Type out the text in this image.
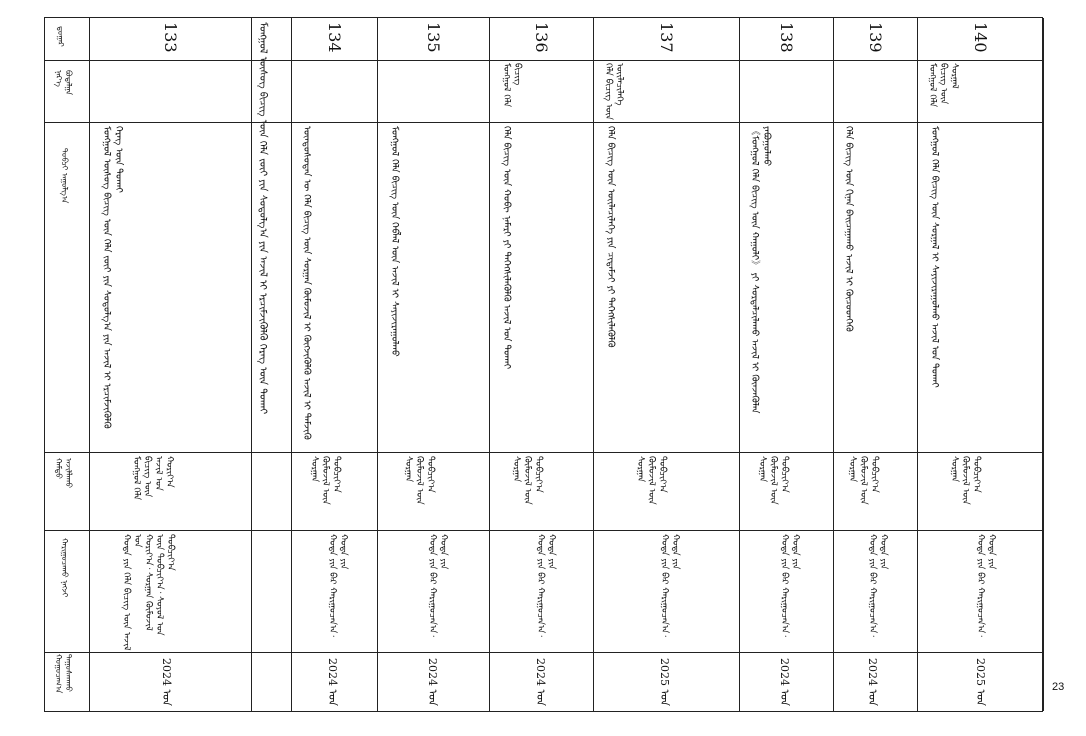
ᠳ᠋ᠤᠭᠠᠷ
ᠨᠡᠷ᠎ᠡ
ᠪᠣᠲᠠᠯᠭᠠ
ᠲᠣᠪᠴᠢ ᠠᠭᠤᠯᠭ᠎ᠠ
ᠬᠠᠮᠲᠤ
ᠠᠵᠢᠯᠯᠠᠬᠤ
ᠬᠠᠷᠢᠭᠤᠴᠠᠬᠤ ᠨᠡᠭᠵᠢ
ᠬᠤᠭᠤᠴᠠᠭ᠎ᠠ
ᠳᠠᠭᠤᠰᠬᠠᠬᠤ
133
ᠮᠣᠩᠭᠣᠯ ᠦᠰᠦᠭ ᠪᠢᠴᠢᠭ ᠦᠨ ᠬᠡᠯᠡ ᠵᠦᠢ ᠶᠢᠨ ᠰᠤᠳᠤᠯᠭ᠎ᠠ ᠶᠢᠨ ᠠᠵᠢᠯ ᠢ ᠡᠷᠴᠢᠮᠵᠢᠭᠦᠯᠬᠦ ᠬᠡᠷᠡᠭ ᠦᠨ ᠲᠤᠬᠠᠢ
ᠮᠣᠩᠭᠣᠯ ᠬᠡᠯᠡ
ᠪᠢᠴᠢᠭ ᠦᠨ
ᠠᠵᠢᠯ ᠤᠨ
ᠬᠣᠷᠢᠶ᠎ᠠ
ᠬᠣᠲᠠ ᠶᠢᠨ ᠬᠡᠯᠡ ᠪᠢᠴᠢᠭ ᠦᠨ ᠠᠵᠢᠯ ᠤᠨ
ᠬᠣᠷᠢᠶ᠎ᠠ᠂ ᠰᠤᠷᠭᠠᠨ ᠬᠦᠮᠦᠵᠢᠯ
ᠦᠨ ᠲᠣᠪᠴᠢᠶ᠎ᠠ᠂ ᠰᠤᠶᠤᠯ ᠤᠨ
ᠲᠣᠪᠴᠢᠶ᠎ᠠ
2024 ᠣᠨ
ᠮᠣᠩᠭᠣᠯ ᠦᠰᠦᠭ ᠪᠢᠴᠢᠭ ᠦᠨ ᠬᠡᠯᠡ ᠵᠦᠢ ᠶᠢᠨ ᠰᠤᠳᠤᠯᠭ᠎ᠠ ᠶᠢᠨ ᠠᠵᠢᠯ ᠢ ᠡᠷᠴᠢᠮᠵᠢᠭᠦᠯᠬᠦ ᠬᠡᠷᠡᠭ ᠦᠨ ᠲᠤᠬᠠᠢ	134
ᠦᠨᠳᠦᠰᠦᠲᠡᠨ ᠦ ᠬᠡᠯᠡ ᠪᠢᠴᠢᠭ ᠦᠨ ᠰᠤᠷᠭᠠᠨ ᠬᠦᠮᠦᠵᠢᠯ ᠢ ᠬᠦᠭᠵᠢᠭᠦᠯᠬᠦ ᠠᠵᠢᠯ ᠢ ᠳᠡᠮᠵᠢᠬᠦ
ᠰᠤᠷᠭᠠᠨ
ᠬᠦᠮᠦᠵᠢᠯ ᠦᠨ
ᠲᠣᠪᠴᠢᠶ᠎ᠠ
ᠬᠣᠲᠠ ᠶᠢᠨ ᠪᠠᠷ ᠬᠠᠷᠢᠭᠤᠴᠠᠨ᠎ᠠ᠂ ᠬᠤᠲᠠ ᠶᠢᠨ
2024 ᠣᠨ
135
ᠮᠣᠩᠭᠣᠯ ᠬᠡᠯᠡ ᠪᠢᠴᠢᠭ ᠦᠨ ᠬᠡᠪᠯᠡᠯ ᠦᠨ ᠠᠵᠢᠯ ᠢ ᠰᠠᠶᠢᠵᠢᠷᠠᠭᠤᠯᠬᠤ
ᠰᠤᠷᠭᠠᠨ
ᠬᠦᠮᠦᠵᠢᠯ ᠦᠨ
ᠲᠣᠪᠴᠢᠶ᠎ᠠ
ᠬᠣᠲᠠ ᠶᠢᠨ ᠪᠠᠷ ᠬᠠᠷᠢᠭᠤᠴᠠᠨ᠎ᠠ᠂ ᠬᠤᠲᠠ ᠶᠢᠨ
2024 ᠣᠨ
136
ᠮᠣᠩᠭᠣᠯ ᠬᠡᠯᠡ ᠪᠢᠴᠢᠭ
ᠬᠡᠯᠡ ᠪᠢᠴᠢᠭ ᠦᠨ ᠬᠤᠪᠢ ᠨᠡᠮᠡᠷᠢ ᠶᠢ ᠳᠡᠭᠡᠭᠰᠢᠯᠡᠭᠦᠯᠬᠦ ᠠᠵᠢᠯ ᠤᠨ ᠲᠤᠬᠠᠢ
ᠰᠤᠷᠭᠠᠨ
ᠬᠦᠮᠦᠵᠢᠯ ᠦᠨ
ᠲᠣᠪᠴᠢᠶ᠎ᠠ
ᠬᠣᠲᠠ ᠶᠢᠨ ᠪᠠᠷ ᠬᠠᠷᠢᠭᠤᠴᠠᠨ᠎ᠠ᠂ ᠬᠤᠲᠠ ᠶᠢᠨ
2024 ᠣᠨ
137
ᠬᠡᠯᠡ ᠪᠢᠴᠢᠭ ᠦᠨ
ᠦᠢᠯᠡᠴᠢᠯᠡᠭᠡ
ᠬᠡᠯᠡ ᠪᠢᠴᠢᠭ ᠦᠨ ᠦᠢᠯᠡᠴᠢᠯᠡᠭᠡ ᠶᠢᠨ ᠴᠢᠳᠠᠮᠵᠢ ᠶᠢ ᠳᠡᠭᠡᠭᠰᠢᠯᠡᠭᠦᠯᠬᠦ
ᠰᠤᠷᠭᠠᠨ
ᠬᠦᠮᠦᠵᠢᠯ ᠦᠨ
ᠲᠣᠪᠴᠢᠶ᠎ᠠ
ᠬᠣᠲᠠ ᠶᠢᠨ ᠪᠠᠷ ᠬᠠᠷᠢᠭᠤᠴᠠᠨ᠎ᠠ᠂ ᠬᠤᠲᠠ ᠶᠢᠨ
2025 ᠣᠨ
138
《ᠮᠣᠩᠭᠣᠯ ᠬᠡᠯᠡ ᠪᠢᠴᠢᠭ ᠦᠨ ᠬᠠᠭᠤᠯᠢ》 ᠶᠢ ᠰᠤᠷᠳᠠᠯᠴᠢᠯᠠᠬᠤ ᠠᠵᠢᠯ ᠢ ᠭᠦᠨᠵᠡᠭᠦᠯᠡᠨ ᠶᠠᠪᠤᠭᠤᠯᠬᠤ
ᠰᠤᠷᠭᠠᠨ
ᠬᠦᠮᠦᠵᠢᠯ ᠦᠨ
ᠲᠣᠪᠴᠢᠶ᠎ᠠ
ᠬᠣᠲᠠ ᠶᠢᠨ ᠪᠠᠷ ᠬᠠᠷᠢᠭᠤᠴᠠᠨ᠎ᠠ᠂ ᠬᠤᠲᠠ ᠶᠢᠨ
2024 ᠣᠨ
139
ᠬᠡᠯᠡ ᠪᠢᠴᠢᠭ ᠦᠨ ᠬᠢᠨᠠᠨ ᠪᠠᠢᠴᠠᠭᠠᠬᠤ ᠠᠵᠢᠯ ᠢ ᠬᠦᠴᠦᠳᠬᠡᠬᠦ
ᠰᠤᠷᠭᠠᠨ
ᠬᠦᠮᠦᠵᠢᠯ ᠦᠨ
ᠲᠣᠪᠴᠢᠶ᠎ᠠ
ᠬᠣᠲᠠ ᠶᠢᠨ ᠪᠠᠷ ᠬᠠᠷᠢᠭᠤᠴᠠᠨ᠎ᠠ᠂ ᠬᠤᠲᠠ ᠶᠢᠨ
2024 ᠣᠨ
140
ᠮᠣᠩᠭᠣᠯ ᠬᠡᠯᠡ
ᠪᠢᠴᠢᠭ ᠦᠨ
ᠰᠤᠷᠭᠠᠯ
ᠮᠣᠩᠭᠣᠯ ᠬᠡᠯᠡ ᠪᠢᠴᠢᠭ ᠦᠨ ᠰᠤᠷᠭᠠᠯ ᠢ ᠰᠠᠶᠢᠵᠢᠷᠠᠭᠤᠯᠬᠤ ᠠᠵᠢᠯ ᠤᠨ ᠲᠤᠬᠠᠢ
ᠰᠤᠷᠭᠠᠨ
ᠬᠦᠮᠦᠵᠢᠯ ᠦᠨ
ᠲᠣᠪᠴᠢᠶ᠎ᠠ
ᠬᠣᠲᠠ ᠶᠢᠨ ᠪᠠᠷ ᠬᠠᠷᠢᠭᠤᠴᠠᠨ᠎ᠠ᠂ ᠬᠤᠲᠠ ᠶᠢᠨ
2025 ᠣᠨ	23
